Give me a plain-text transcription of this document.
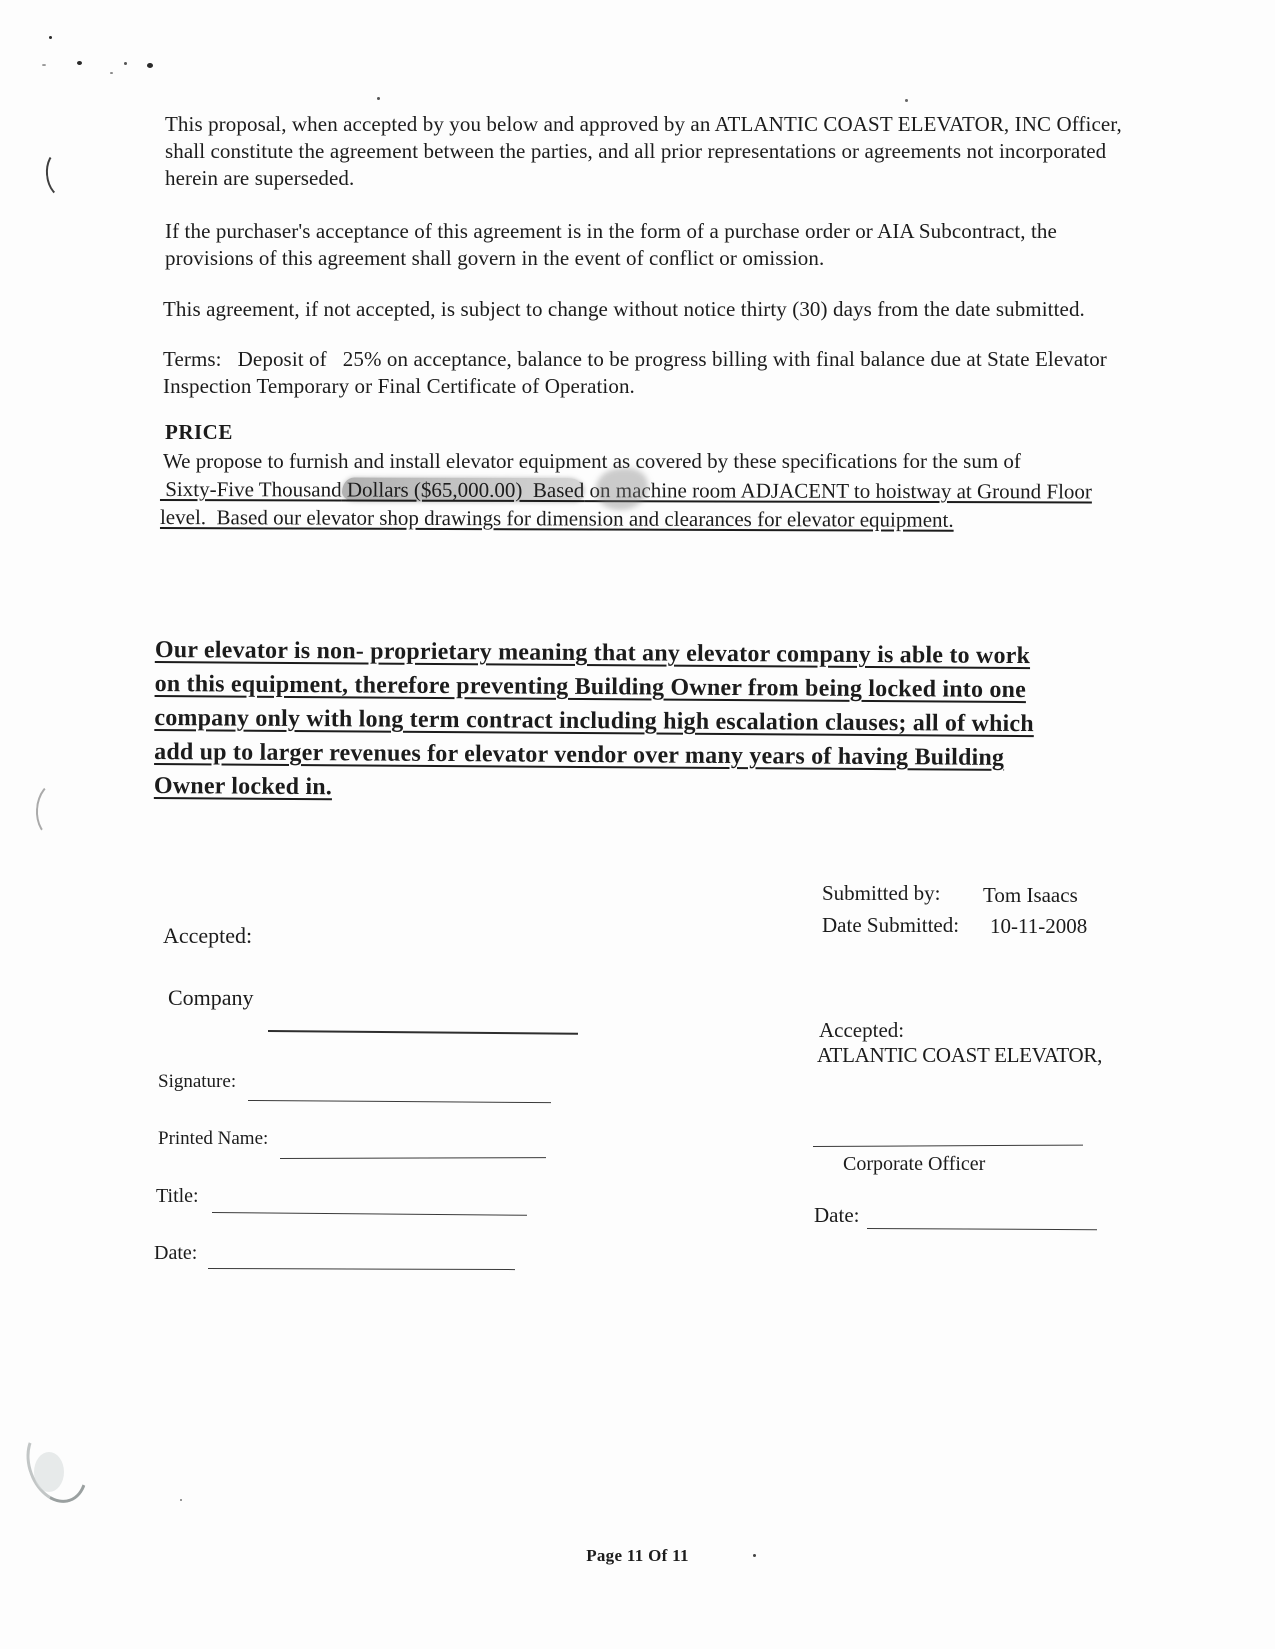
This proposal, when accepted by you below and approved by an ATLANTIC COAST ELEVATOR, INC Officer,
shall constitute the agreement between the parties, and all prior representations or agreements not incorporated
herein are superseded.
If the purchaser's acceptance of this agreement is in the form of a purchase order or AIA Subcontract, the
provisions of this agreement shall govern in the event of conflict or omission.
This agreement, if not accepted, is subject to change without notice thirty (30) days from the date submitted.
Terms:   Deposit of   25% on acceptance, balance to be progress billing with final balance due at State Elevator
Inspection Temporary or Final Certificate of Operation.
PRICE
We propose to furnish and install elevator equipment as covered by these specifications for the sum of
Sixty-Five Thousand Dollars ($65,000.00)  Based on machine room ADJACENT to hoistway at Ground Floor
level.  Based our elevator shop drawings for dimension and clearances for elevator equipment.
Our elevator is non- proprietary meaning that any elevator company is able to work
on this equipment, therefore preventing Building Owner from being locked into one
company only with long term contract including high escalation clauses; all of which
add up to larger revenues for elevator vendor over many years of having Building
Owner locked in.
Submitted by: Tom Isaacs
Date Submitted: 10-11-2008
Accepted:
ATLANTIC COAST ELEVATOR,
Corporate Officer
Date:
Accepted:
Company
Signature:
Printed Name:
Title:
Date:
Page 11 Of 11
